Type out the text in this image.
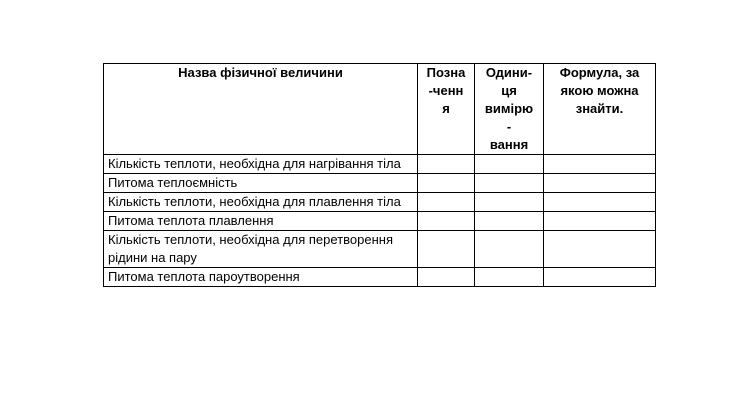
Назва фізичної величини	Позна
-ченн
я	Одини-
ця
вимірю
-
вання	Формула, за якою можна знайти.
Кількість теплоти, необхідна для нагрівання тіла			
Питома теплоємність			
Кількість теплоти, необхідна для плавлення тіла			
Питома теплота плавлення			
Кількість теплоти, необхідна для перетворення рідини на пару			
Питома теплота пароутворення			
